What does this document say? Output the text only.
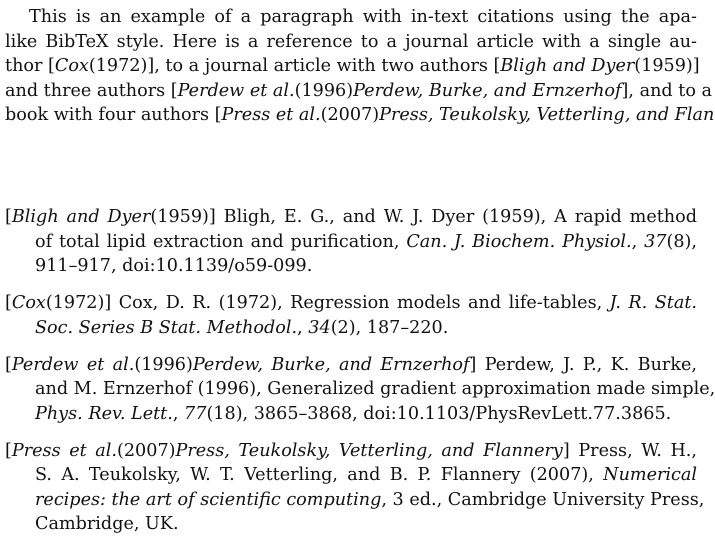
This is an example of a paragraph with in-text citations using the apa-
like BibTeX style. Here is a reference to a journal article with a single au-
thor [Cox(1972)], to a journal article with two authors [Bligh and Dyer(1959)]
and three authors [Perdew et al.(1996)Perdew, Burke, and Ernzerhof], and to a
book with four authors [Press et al.(2007)Press, Teukolsky, Vetterling, and Flan
[Bligh and Dyer(1959)] Bligh, E. G., and W. J. Dyer (1959), A rapid method
of total lipid extraction and purification, Can. J. Biochem. Physiol., 37(8),
911–917, doi:10.1139/o59-099.
[Cox(1972)] Cox, D. R. (1972), Regression models and life-tables, J. R. Stat.
Soc. Series B Stat. Methodol., 34(2), 187–220.
[Perdew et al.(1996)Perdew, Burke, and Ernzerhof] Perdew, J. P., K. Burke,
and M. Ernzerhof (1996), Generalized gradient approximation made simple,
Phys. Rev. Lett., 77(18), 3865–3868, doi:10.1103/PhysRevLett.77.3865.
[Press et al.(2007)Press, Teukolsky, Vetterling, and Flannery] Press, W. H.,
S. A. Teukolsky, W. T. Vetterling, and B. P. Flannery (2007), Numerical
recipes: the art of scientific computing, 3 ed., Cambridge University Press,
Cambridge, UK.
